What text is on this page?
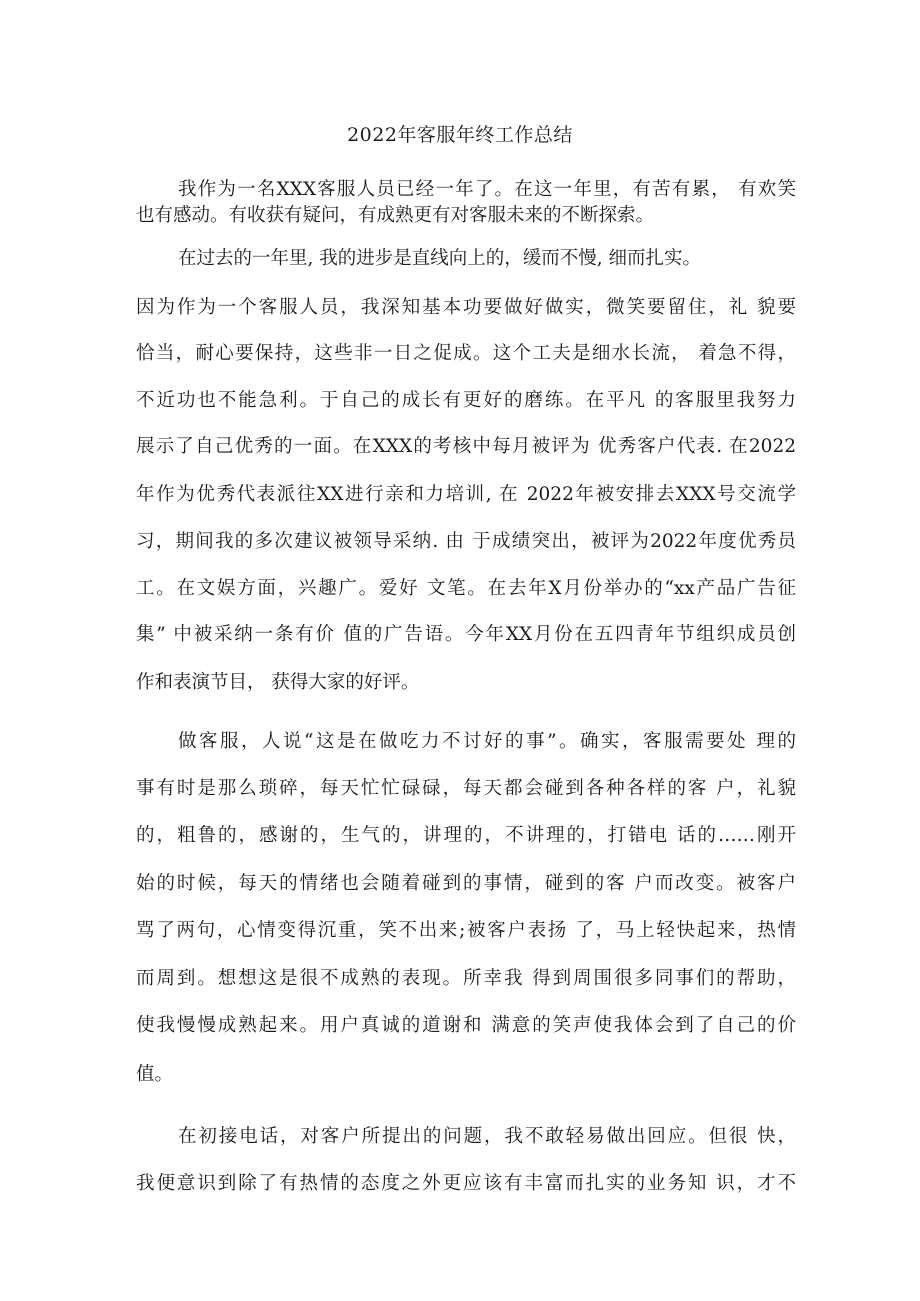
2022年客服年终工作总结

我作为一名XXX客服人员已经一年了。在这一年里，有苦有累， 有欢笑

也有感动。有收获有疑问，有成熟更有对客服未来的不断探索。

在过去的一年里, 我的进步是直线向上的，缓而不慢, 细而扎实。

因为作为一个客服人员，我深知基本功要做好做实，微笑要留住，礼 貌要

恰当，耐心要保持，这些非一日之促成。这个工夫是细水长流， 着急不得，

不近功也不能急利。于自己的成长有更好的磨练。在平凡 的客服里我努力

展示了自己优秀的一面。在XXX的考核中每月被评为 优秀客户代表. 在2022

年作为优秀代表派往XX进行亲和力培训, 在 2022年被安排去XXX号交流学

习，期间我的多次建议被领导采纳. 由 于成绩突出，被评为2022年度优秀员

工。在文娱方面，兴趣广。爱好 文笔。在去年X月份举办的“xx产品广告征

集” 中被采纳一条有价 值的广告语。今年XX月份在五四青年节组织成员创

作和表演节目， 获得大家的好评。

做客服，人说“这是在做吃力不讨好的事”。确实，客服需要处 理的

事有时是那么琐碎，每天忙忙碌碌，每天都会碰到各种各样的客 户，礼貌

的，粗鲁的，感谢的，生气的，讲理的，不讲理的，打错电 话的……刚开

始的时候，每天的情绪也会随着碰到的事情，碰到的客 户而改变。被客户

骂了两句，心情变得沉重，笑不出来;被客户表扬 了，马上轻快起来，热情

而周到。想想这是很不成熟的表现。所幸我 得到周围很多同事们的帮助，

使我慢慢成熟起来。用户真诚的道谢和 满意的笑声使我体会到了自己的价

值。

在初接电话，对客户所提出的问题，我不敢轻易做出回应。但很 快，

我便意识到除了有热情的态度之外更应该有丰富而扎实的业务知 识，才不
